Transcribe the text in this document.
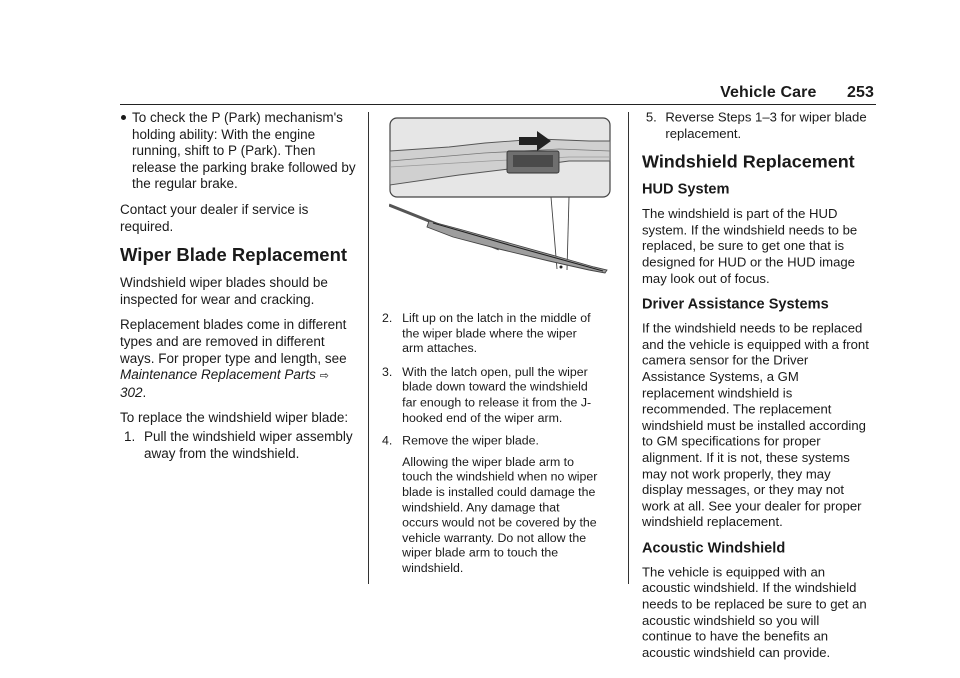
Vehicle Care 253
To check the P (Park) mechanism's holding ability: With the engine running, shift to P (Park). Then release the parking brake followed by the regular brake.

Contact your dealer if service is required.

Wiper Blade Replacement

Windshield wiper blades should be inspected for wear and cracking.

Replacement blades come in different types and are removed in different ways. For proper type and length, see Maintenance Replacement Parts ⇨ 302.

To replace the windshield wiper blade:

1. Pull the windshield wiper assembly away from the windshield.
2. Lift up on the latch in the middle of the wiper blade where the wiper arm attaches.
3. With the latch open, pull the wiper blade down toward the windshield far enough to release it from the J-hooked end of the wiper arm.
4. Remove the wiper blade.

Allowing the wiper blade arm to touch the windshield when no wiper blade is installed could damage the windshield. Any damage that occurs would not be covered by the vehicle warranty. Do not allow the wiper blade arm to touch the windshield.

5. Reverse Steps 1–3 for wiper blade replacement.
Windshield Replacement
HUD System

The windshield is part of the HUD system. If the windshield needs to be replaced, be sure to get one that is designed for HUD or the HUD image may look out of focus.

Driver Assistance Systems

If the windshield needs to be replaced and the vehicle is equipped with a front camera sensor for the Driver Assistance Systems, a GM replacement windshield is recommended. The replacement windshield must be installed according to GM specifications for proper alignment. If it is not, these systems may not work properly, they may display messages, or they may not work at all. See your dealer for proper windshield replacement.

Acoustic Windshield

The vehicle is equipped with an acoustic windshield. If the windshield needs to be replaced be sure to get an acoustic windshield so you will continue to have the benefits an acoustic windshield can provide.
